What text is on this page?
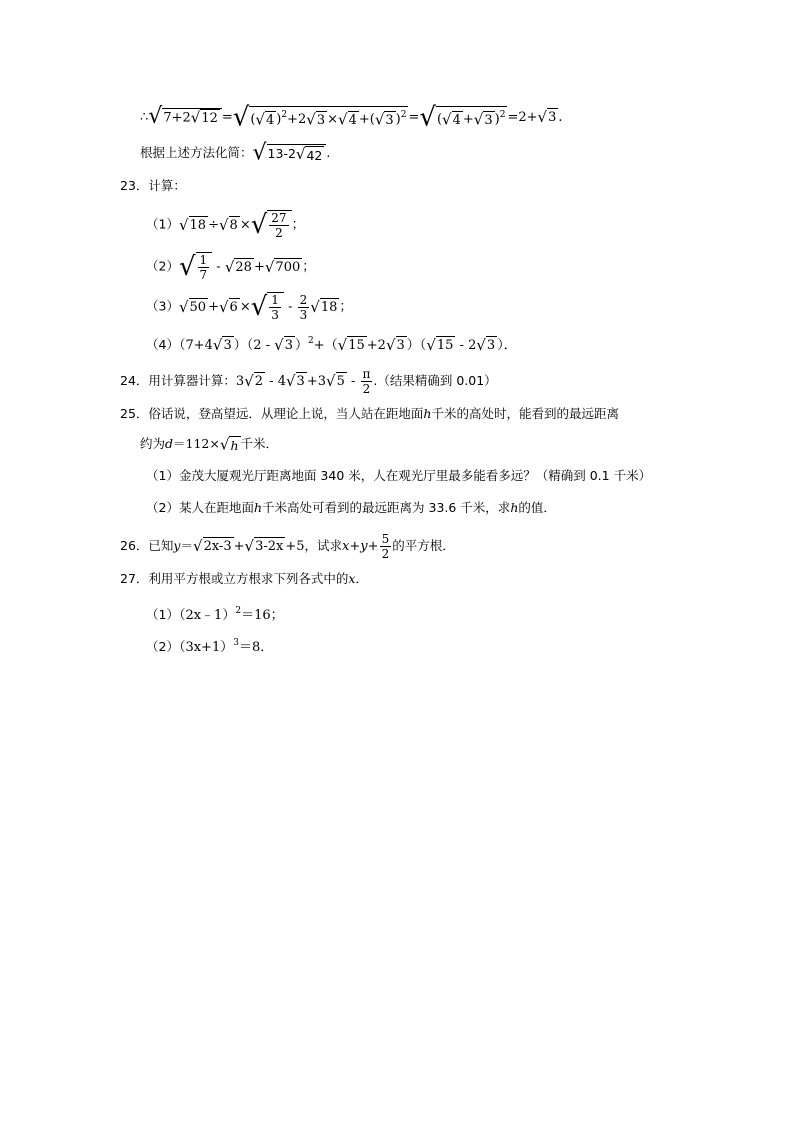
∴√7+2√12 =√(√4 )$^2$+2√3 ×√4 +(√3 )$^2$ =√(√4 +√3 )$^2$ =2+√3 .
根据上述方法化简：√13-2√42 .
23．计算：
（1）√18 ÷√8 ×√ $\frac{27}{2}$ ；
$(2)√ \frac{1}{7} - √28 +√700$ ；
（3）√50 +√6 ×√ $\frac{1}{3} - \frac{2}{3} √18$ ；
（4）（7+4√3 ）（2 - √3 ）$^2$+（√15 +2√3 ）（√15 - 2√3 ）．
24．用计算器计算：$3√2 - 4√3 +3√5 - \frac{\pi}{2}$ .（结果精确到 0.01）
25．俗话说，登高望远．从理论上说，当人站在距地面h千米的高处时，能看到的最远距离
约为d＝112×√h 千米．
（1）金茂大厦观光厅距离地面 340 米，人在观光厅里最多能看多远？（精确到 0.1 千米）
（2）某人在距地面h千米高处可看到的最远距离为 33.6 千米，求h的值．
26．已知y＝√2x-3 +√3-2x +5，试求$x+y+ \frac{5}{2}$ 的平方根．
27．利用平方根或立方根求下列各式中的x．
（1）（2x﹣1）$^2$＝16；
$(2)(3x+1)^3=8$．
